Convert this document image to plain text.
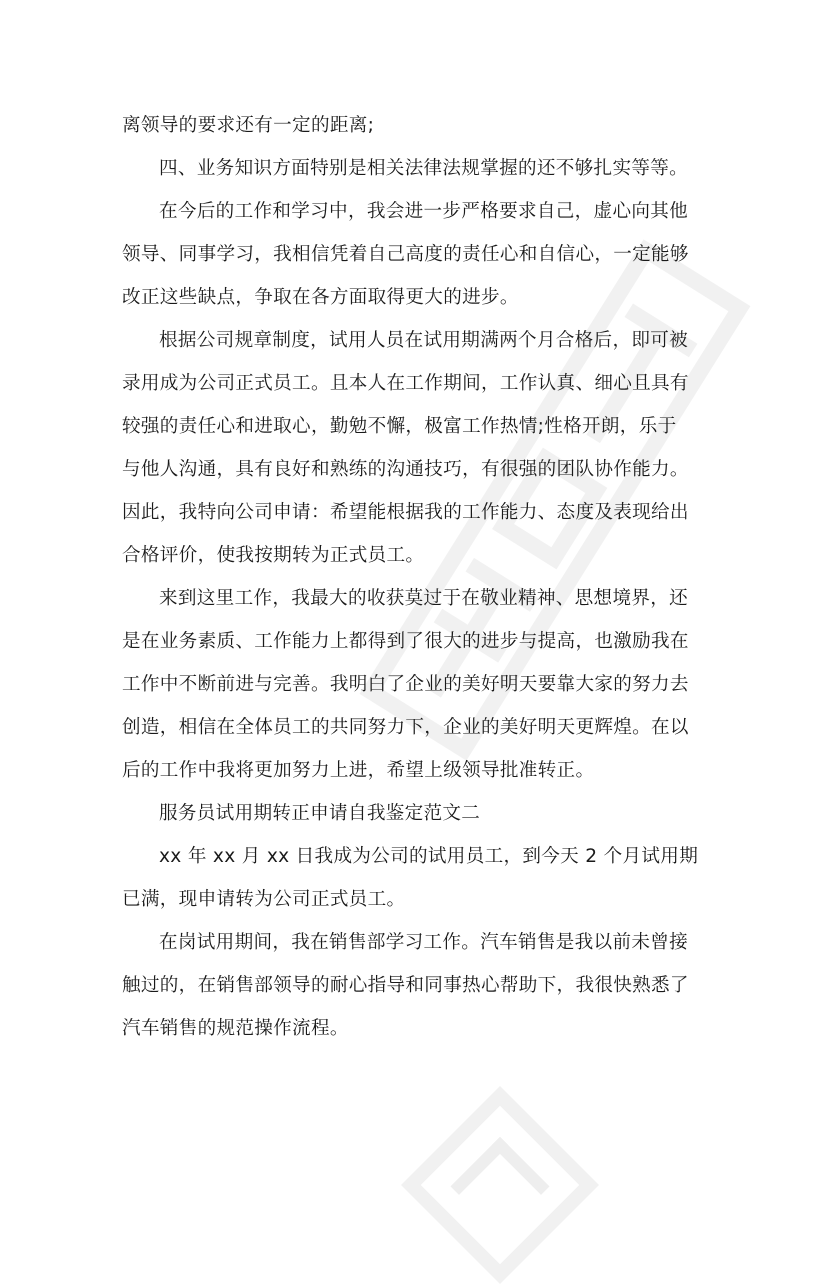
离领导的要求还有一定的距离;
四、业务知识方面特别是相关法律法规掌握的还不够扎实等等。
在今后的工作和学习中，我会进一步严格要求自己，虚心向其他
领导、同事学习，我相信凭着自己高度的责任心和自信心，一定能够
改正这些缺点，争取在各方面取得更大的进步。
根据公司规章制度，试用人员在试用期满两个月合格后，即可被
录用成为公司正式员工。且本人在工作期间，工作认真、细心且具有
较强的责任心和进取心，勤勉不懈，极富工作热情;性格开朗，乐于
与他人沟通，具有良好和熟练的沟通技巧，有很强的团队协作能力。
因此，我特向公司申请：希望能根据我的工作能力、态度及表现给出
合格评价，使我按期转为正式员工。
来到这里工作，我最大的收获莫过于在敬业精神、思想境界，还
是在业务素质、工作能力上都得到了很大的进步与提高，也激励我在
工作中不断前进与完善。我明白了企业的美好明天要靠大家的努力去
创造，相信在全体员工的共同努力下，企业的美好明天更辉煌。在以
后的工作中我将更加努力上进，希望上级领导批准转正。
服务员试用期转正申请自我鉴定范文二
xx 年 xx 月 xx 日我成为公司的试用员工，到今天 2 个月试用期
已满，现申请转为公司正式员工。
在岗试用期间，我在销售部学习工作。汽车销售是我以前未曾接
触过的，在销售部领导的耐心指导和同事热心帮助下，我很快熟悉了
汽车销售的规范操作流程。
